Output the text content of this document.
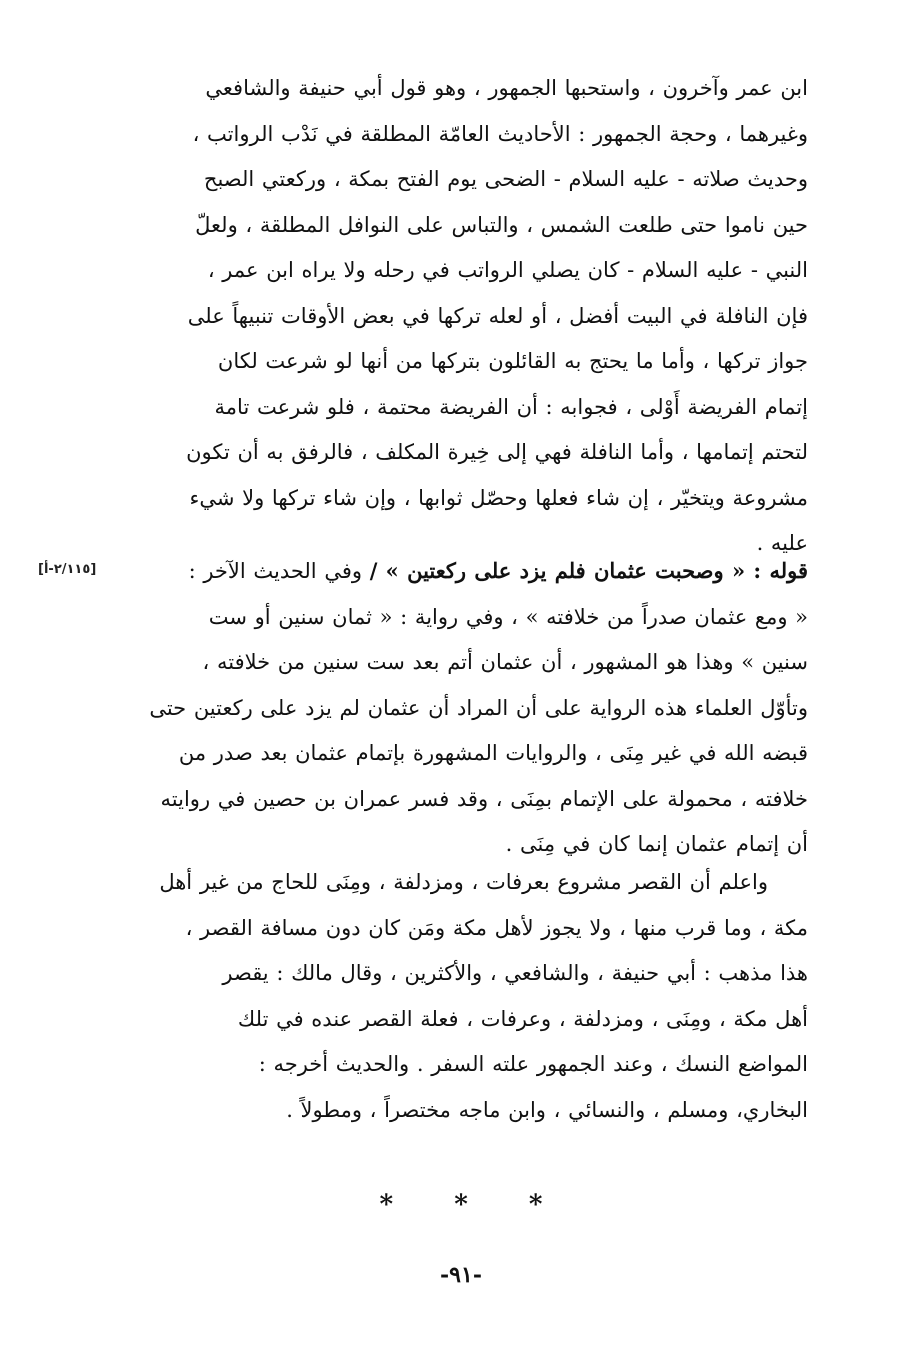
ابن عمر وآخرون ، واستحبها الجمهور ، وهو قول أبي حنيفة والشافعي
وغيرهما ، وحجة الجمهور : الأحاديث العامّة المطلقة في نَدْب الرواتب ،
وحديث صلاته - عليه السلام - الضحى يوم الفتح بمكة ، وركعتي الصبح
حين ناموا حتى طلعت الشمس ، والتباس على النوافل المطلقة ، ولعلّ
النبي - عليه السلام - كان يصلي الرواتب في رحله ولا يراه ابن عمر ،
فإن النافلة في البيت أفضل ، أو لعله تركها في بعض الأوقات تنبيهاً على
جواز تركها ، وأما ما يحتج به القائلون بتركها من أنها لو شرعت لكان
إتمام الفريضة أَوْلى ، فجوابه : أن الفريضة محتمة ، فلو شرعت تامة
لتحتم إتمامها ، وأما النافلة فهي إلى خِيرة المكلف ، فالرفق به أن تكون
مشروعة ويتخيّر ، إن شاء فعلها وحصّل ثوابها ، وإن شاء تركها ولا شيء
عليه .
[٢/١١٥-أ]	قوله : « وصحبت عثمان فلم يزد على ركعتين » / وفي الحديث الآخر :
« ومع عثمان صدراً من خلافته » ، وفي رواية : « ثمان سنين أو ست
سنين » وهذا هو المشهور ، أن عثمان أتم بعد ست سنين من خلافته ،
وتأوّل العلماء هذه الرواية على أن المراد أن عثمان لم يزد على ركعتين حتى
قبضه الله في غير مِنَى ، والروايات المشهورة بإتمام عثمان بعد صدر من
خلافته ، محمولة على الإتمام بمِنَى ، وقد فسر عمران بن حصين في روايته
أن إتمام عثمان إنما كان في مِنَى .
واعلم أن القصر مشروع بعرفات ، ومزدلفة ، ومِنَى للحاج من غير أهل
مكة ، وما قرب منها ، ولا يجوز لأهل مكة ومَن كان دون مسافة القصر ،
هذا مذهب : أبي حنيفة ، والشافعي ، والأكثرين ، وقال مالك : يقصر
أهل مكة ، ومِنَى ، ومزدلفة ، وعرفات ، فعلة القصر عنده في تلك
المواضع النسك ، وعند الجمهور علته السفر . والحديث أخرجه :
البخاري، ومسلم ، والنسائي ، وابن ماجه مختصراً ، ومطولاً .
* * *
-٩١-
